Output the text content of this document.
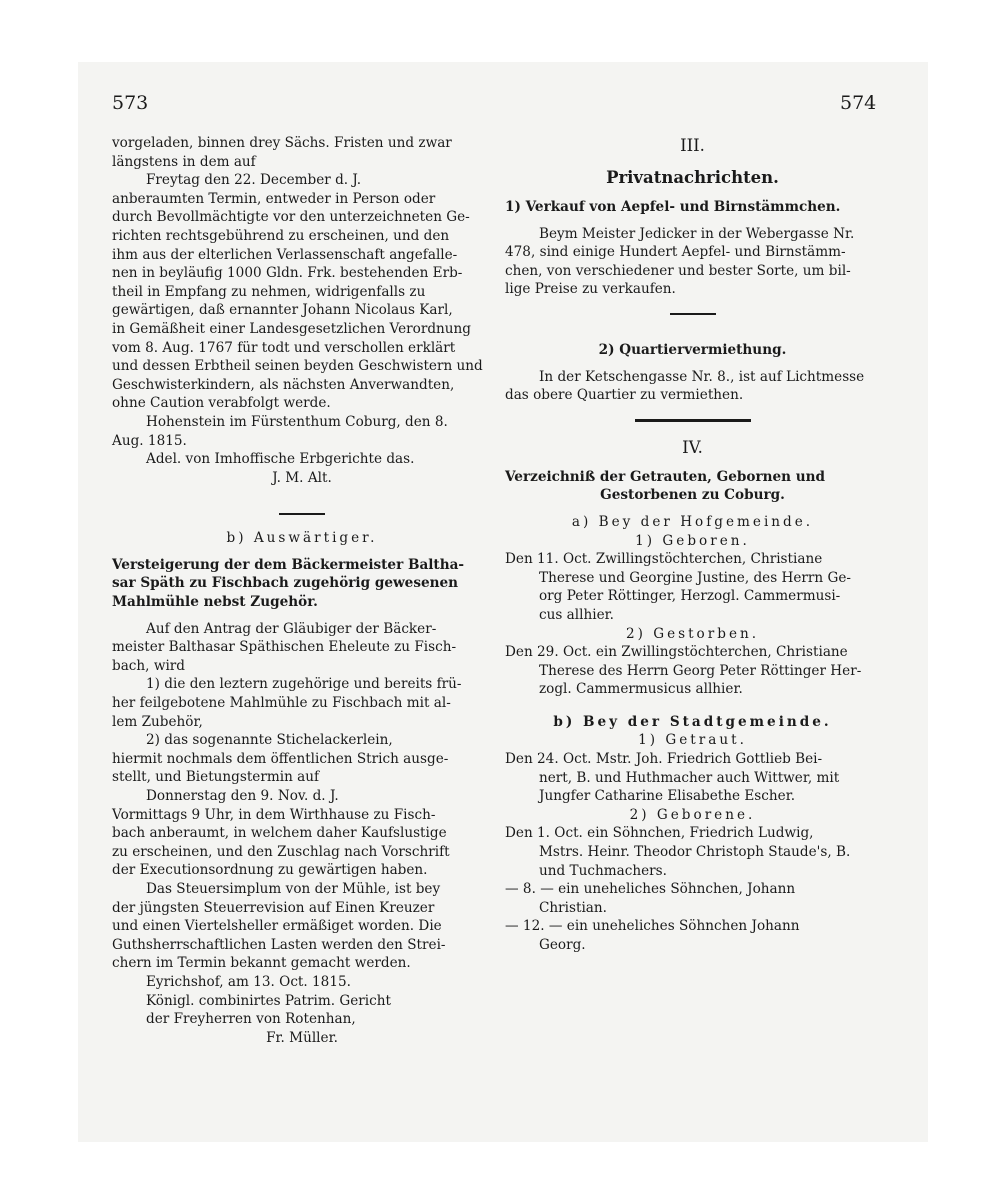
573	574

vorgeladen, binnen drey Sächs. Fristen und zwar

längstens in dem auf

Freytag den 22. December d. J.

anberaumten Termin, entweder in Person oder

durch Bevollmächtigte vor den unterzeichneten Ge-

richten rechtsgebührend zu erscheinen, und den

ihm aus der elterlichen Verlassenschaft angefalle-

nen in beyläufig 1000 Gldn. Frk. bestehenden Erb-

theil in Empfang zu nehmen, widrigenfalls zu

gewärtigen, daß ernannter Johann Nicolaus Karl,

in Gemäßheit einer Landesgesetzlichen Verordnung

vom 8. Aug. 1767 für todt und verschollen erklärt

und dessen Erbtheil seinen beyden Geschwistern und

Geschwisterkindern, als nächsten Anverwandten,

ohne Caution verabfolgt werde.

Hohenstein im Fürstenthum Coburg, den 8.

Aug. 1815.

Adel. von Imhoffische Erbgerichte das.

J. M. Alt.

b) Auswärtiger.

Versteigerung der dem Bäckermeister Baltha-

sar Späth zu Fischbach zugehörig gewesenen

Mahlmühle nebst Zugehör.

Auf den Antrag der Gläubiger der Bäcker-

meister Balthasar Späthischen Eheleute zu Fisch-

bach, wird

1) die den leztern zugehörige und bereits frü-

her feilgebotene Mahlmühle zu Fischbach mit al-

lem Zubehör,

2) das sogenannte Stichelackerlein,

hiermit nochmals dem öffentlichen Strich ausge-

stellt, und Bietungstermin auf

Donnerstag den 9. Nov. d. J.

Vormittags 9 Uhr, in dem Wirthhause zu Fisch-

bach anberaumt, in welchem daher Kaufslustige

zu erscheinen, und den Zuschlag nach Vorschrift

der Executionsordnung zu gewärtigen haben.

Das Steuersimplum von der Mühle, ist bey

der jüngsten Steuerrevision auf Einen Kreuzer

und einen Viertelsheller ermäßiget worden. Die

Guthsherrschaftlichen Lasten werden den Strei-

chern im Termin bekannt gemacht werden.

Eyrichshof, am 13. Oct. 1815.

Königl. combinirtes Patrim. Gericht

der Freyherren von Rotenhan,

Fr. Müller.

III.

Privatnachrichten.

1) Verkauf von Aepfel- und Birnstämmchen.

Beym Meister Jedicker in der Webergasse Nr.

478, sind einige Hundert Aepfel- und Birnstämm-

chen, von verschiedener und bester Sorte, um bil-

lige Preise zu verkaufen.

2) Quartiervermiethung.

In der Ketschengasse Nr. 8., ist auf Lichtmesse

das obere Quartier zu vermiethen.

IV.

Verzeichniß der Getrauten, Gebornen und

Gestorbenen zu Coburg.

a) Bey der Hofgemeinde.

1) Geboren.

Den 11. Oct. Zwillingstöchterchen, Christiane

Therese und Georgine Justine, des Herrn Ge-

org Peter Röttinger, Herzogl. Cammermusi-

cus allhier.

2) Gestorben.

Den 29. Oct. ein Zwillingstöchterchen, Christiane

Therese des Herrn Georg Peter Röttinger Her-

zogl. Cammermusicus allhier.

b) Bey der Stadtgemeinde.

1) Getraut.

Den 24. Oct. Mstr. Joh. Friedrich Gottlieb Bei-

nert, B. und Huthmacher auch Wittwer, mit

Jungfer Catharine Elisabethe Escher.

2) Geborene.

Den 1. Oct. ein Söhnchen, Friedrich Ludwig,

Mstrs. Heinr. Theodor Christoph Staude's, B.

und Tuchmachers.

— 8. — ein uneheliches Söhnchen, Johann

Christian.

— 12. — ein uneheliches Söhnchen Johann

Georg.
